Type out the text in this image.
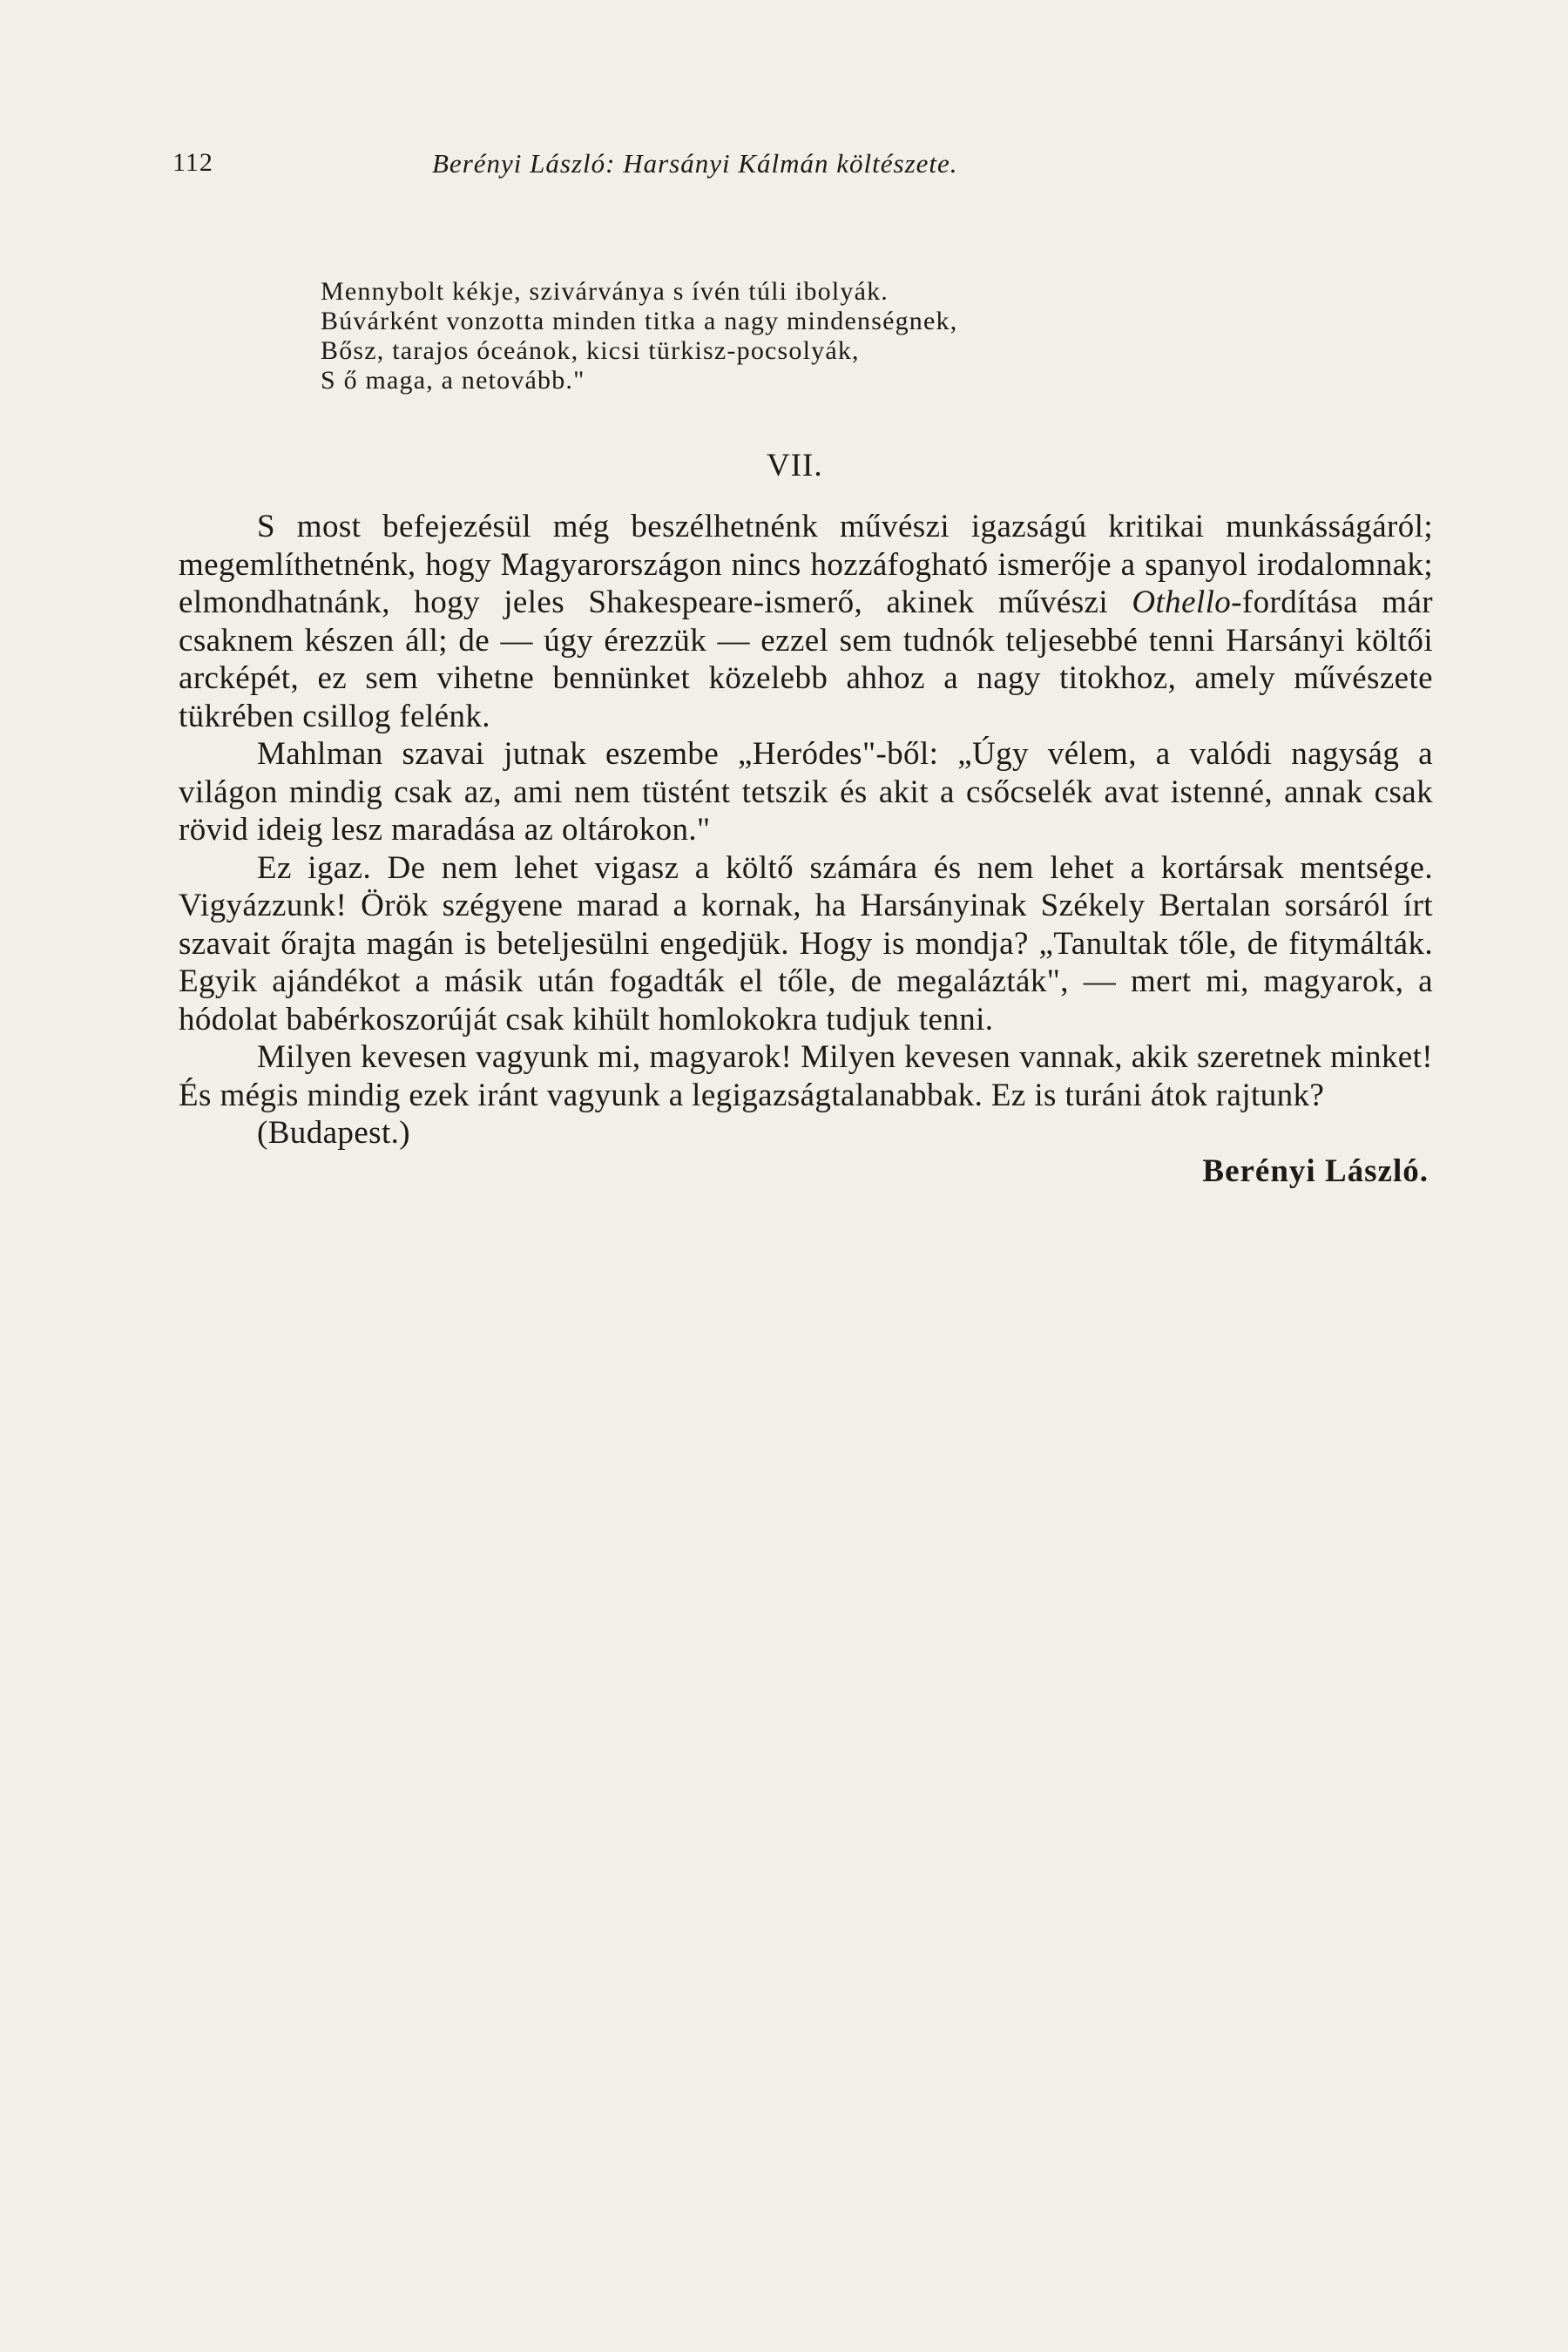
112	Berényi László: Harsányi Kálmán költészete.
Mennybolt kékje, szivárványa s ívén túli ibolyák.
Búvárként vonzotta minden titka a nagy mindenségnek,
Bősz, tarajos óceánok, kicsi türkisz-pocsolyák,
S ő maga, a netovább."
VII.

S most befejezésül még beszélhetnénk művészi igazságú kritikai munkásságáról; megemlíthetnénk, hogy Magyarországon nincs hozzáfogható ismerője a spanyol irodalomnak; elmondhatnánk, hogy jeles Shakespeare-ismerő, akinek művészi Othello-fordítása már csaknem készen áll; de — úgy érezzük — ezzel sem tudnók teljesebbé tenni Harsányi költői arcképét, ez sem vihetne bennünket közelebb ahhoz a nagy titokhoz, amely művészete tükrében csillog felénk.

Mahlman szavai jutnak eszembe „Heródes"-ből: „Úgy vélem, a valódi nagyság a világon mindig csak az, ami nem tüstént tetszik és akit a csőcselék avat istenné, annak csak rövid ideig lesz maradása az oltárokon."

Ez igaz. De nem lehet vigasz a költő számára és nem lehet a kortársak mentsége. Vigyázzunk! Örök szégyene marad a kornak, ha Harsányinak Székely Bertalan sorsáról írt szavait őrajta magán is beteljesülni engedjük. Hogy is mondja? „Tanultak tőle, de fitymálták. Egyik ajándékot a másik után fogadták el tőle, de megalázták", — mert mi, magyarok, a hódolat babérkoszorúját csak kihült homlokokra tudjuk tenni.

Milyen kevesen vagyunk mi, magyarok! Milyen kevesen vannak, akik szeretnek minket! És mégis mindig ezek iránt vagyunk a legigazságtalanabbak. Ez is turáni átok rajtunk?

(Budapest.)

Berényi László.
